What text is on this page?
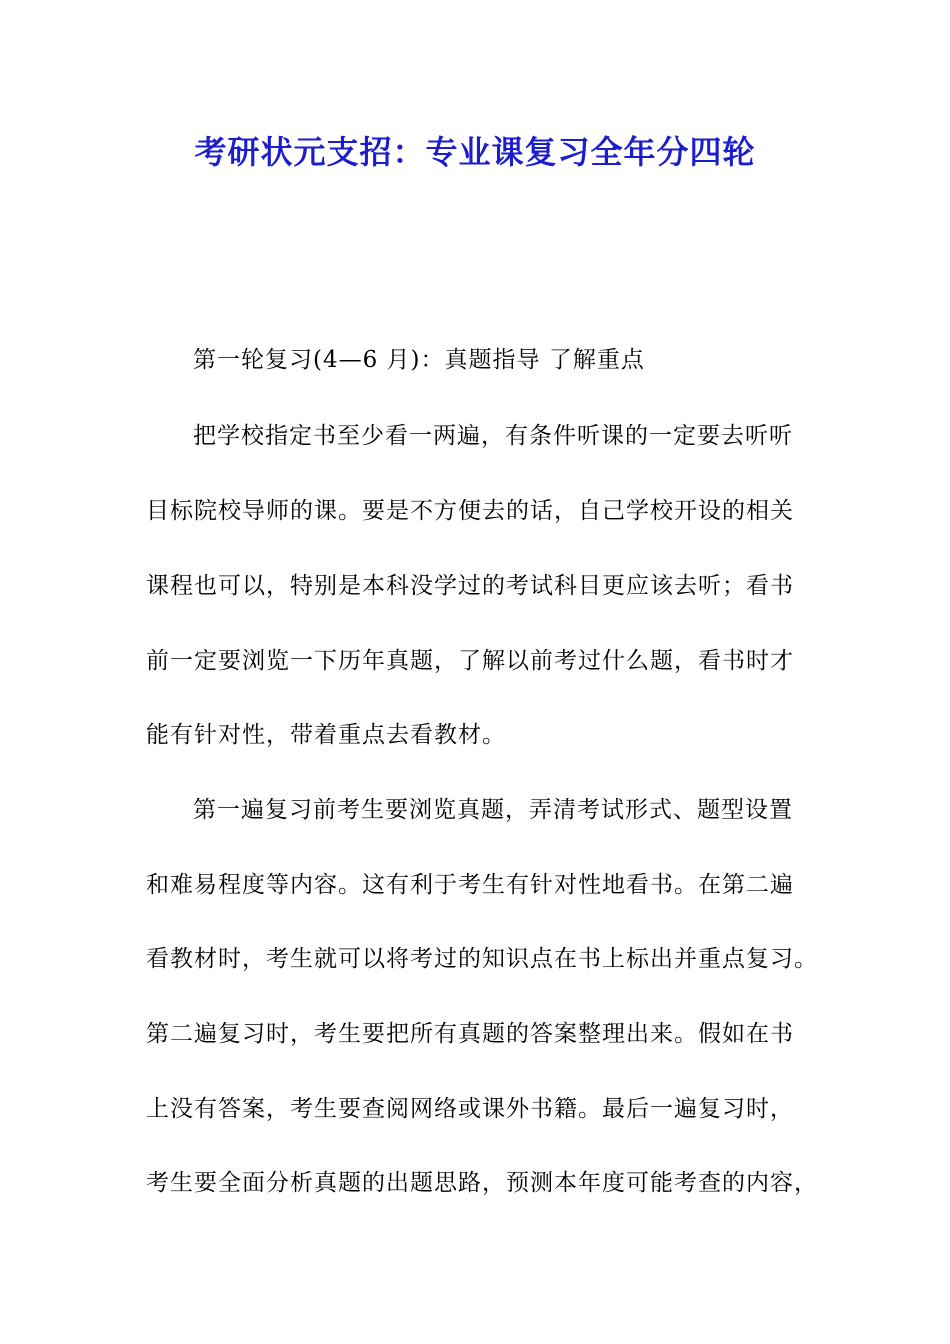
考研状元支招：专业课复习全年分四轮
第一轮复习(4—6 月)：真题指导 了解重点
把学校指定书至少看一两遍，有条件听课的一定要去听听
目标院校导师的课。要是不方便去的话，自己学校开设的相关
课程也可以，特别是本科没学过的考试科目更应该去听；看书
前一定要浏览一下历年真题，了解以前考过什么题，看书时才
能有针对性，带着重点去看教材。
第一遍复习前考生要浏览真题，弄清考试形式、题型设置
和难易程度等内容。这有利于考生有针对性地看书。在第二遍
看教材时，考生就可以将考过的知识点在书上标出并重点复习。
第二遍复习时，考生要把所有真题的答案整理出来。假如在书
上没有答案，考生要查阅网络或课外书籍。最后一遍复习时，
考生要全面分析真题的出题思路，预测本年度可能考查的内容，
